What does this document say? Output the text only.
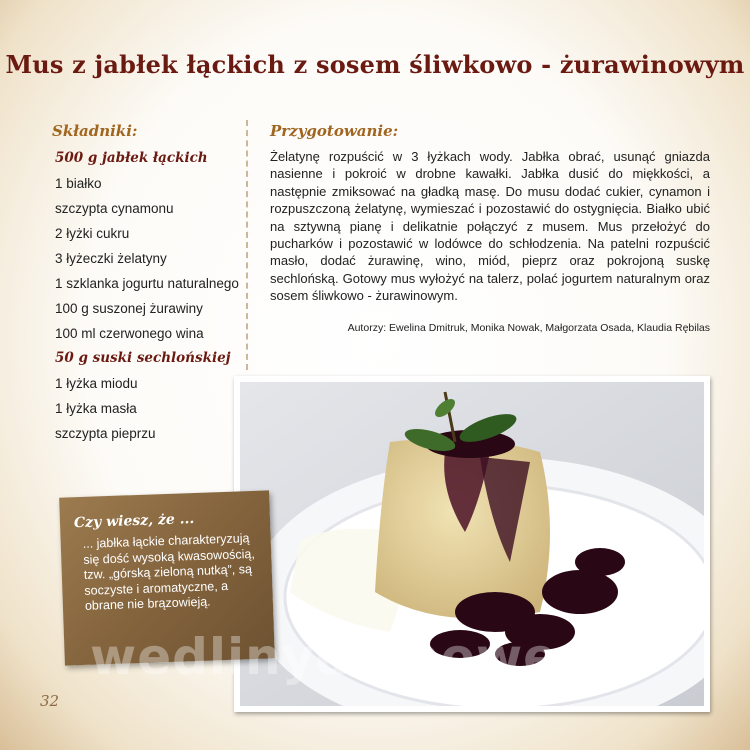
Mus z jabłek łąckich z sosem śliwkowo - żurawinowym
Składniki:
500 g jabłek łąckich
1 białko
szczypta cynamonu
2 łyżki cukru
3 łyżeczki żelatyny
1 szklanka jogurtu naturalnego
100 g suszonej żurawiny
100 ml czerwonego wina
50 g suski sechlońskiej
1 łyżka miodu
1 łyżka masła
szczypta pieprzu
Przygotowanie:
Żelatynę rozpuścić w 3 łyżkach wody. Jabłka obrać, usunąć gniazda nasienne i pokroić w drobne kawałki. Jabłka dusić do miękkości, a następnie zmiksować na gładką masę. Do musu dodać cukier, cynamon i rozpuszczoną żelatynę, wymieszać i pozostawić do ostygnięcia. Białko ubić na sztywną pianę i delikatnie połączyć z musem. Mus przełożyć do pucharków i pozostawić w lodówce do schłodzenia. Na patelni rozpuścić masło, dodać żurawinę, wino, miód, pieprz oraz pokrojoną suskę sechlońską. Gotowy mus wyłożyć na talerz, polać jogurtem naturalnym oraz sosem śliwkowo - żurawinowym.
Autorzy: Ewelina Dmitruk, Monika Nowak, Małgorzata Osada, Klaudia Rębilas
Czy wiesz, że ...
... jabłka łąckie charakteryzują się dość wysoką kwasowością, tzw. „górską zieloną nutką”, są soczyste i aromatyczne, a obrane nie brązowieją.
wedlinydomowe.pl
32
